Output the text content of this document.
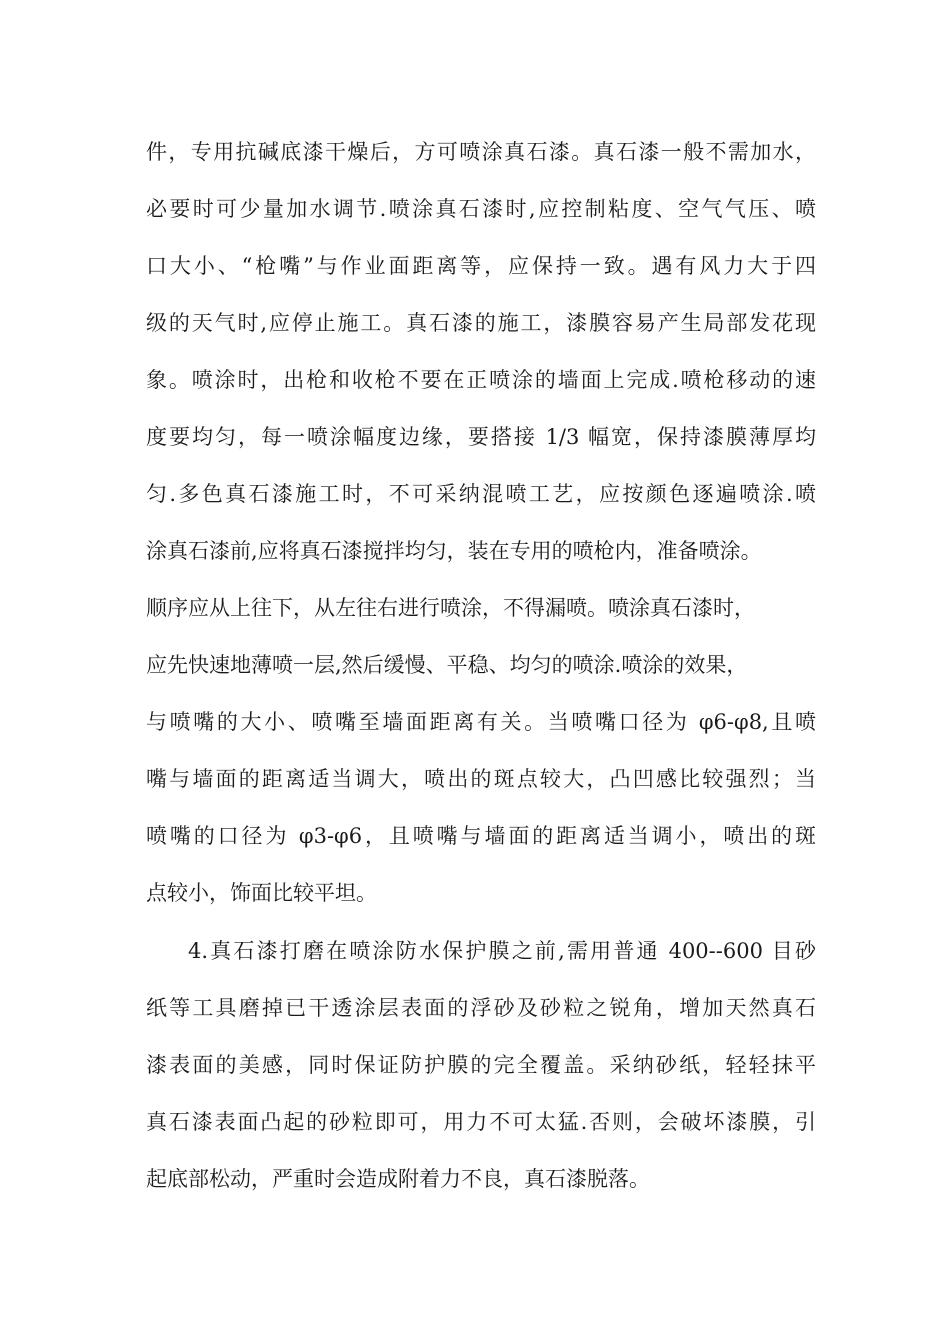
件，专用抗碱底漆干燥后，方可喷涂真石漆。真石漆一般不需加水，
必要时可少量加水调节.喷涂真石漆时,应控制粘度、空气气压、喷
口大小、“枪嘴”与作业面距离等，应保持一致。遇有风力大于四
级的天气时,应停止施工。真石漆的施工，漆膜容易产生局部发花现
象。喷涂时，出枪和收枪不要在正喷涂的墙面上完成.喷枪移动的速
度要均匀，每一喷涂幅度边缘，要搭接 1/3 幅宽，保持漆膜薄厚均
匀.多色真石漆施工时，不可采纳混喷工艺，应按颜色逐遍喷涂.喷
涂真石漆前,应将真石漆搅拌均匀，装在专用的喷枪内，准备喷涂。
顺序应从上往下，从左往右进行喷涂，不得漏喷。喷涂真石漆时，
应先快速地薄喷一层,然后缓慢、平稳、均匀的喷涂.喷涂的效果，
与喷嘴的大小、喷嘴至墙面距离有关。当喷嘴口径为 φ6-φ8,且喷
嘴与墙面的距离适当调大，喷出的斑点较大，凸凹感比较强烈；当
喷嘴的口径为 φ3-φ6，且喷嘴与墙面的距离适当调小，喷出的斑
点较小，饰面比较平坦。
4.真石漆打磨在喷涂防水保护膜之前,需用普通 400--600 目砂
纸等工具磨掉已干透涂层表面的浮砂及砂粒之锐角，增加天然真石
漆表面的美感，同时保证防护膜的完全覆盖。采纳砂纸，轻轻抹平
真石漆表面凸起的砂粒即可，用力不可太猛.否则，会破坏漆膜，引
起底部松动，严重时会造成附着力不良，真石漆脱落。
